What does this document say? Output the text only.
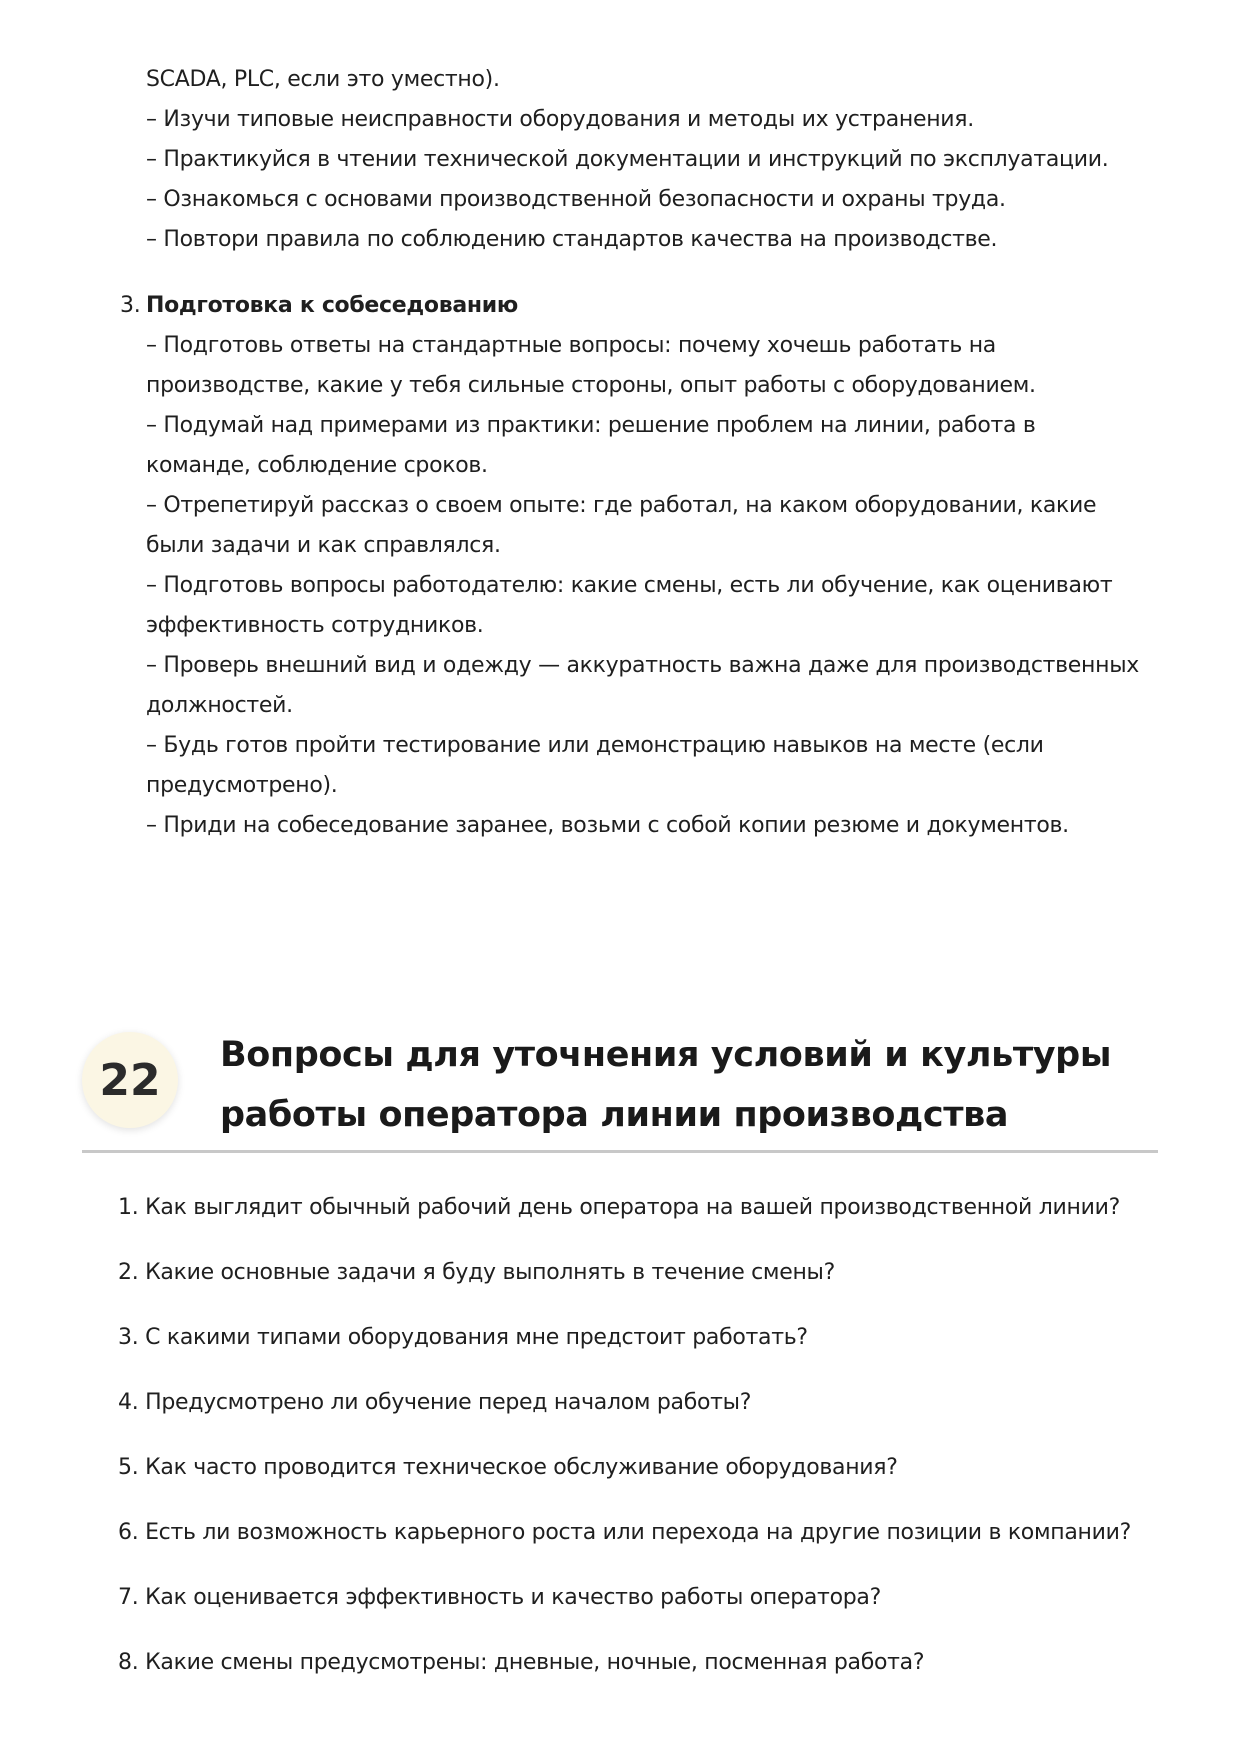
SCADA, PLC, если это уместно).
– Изучи типовые неисправности оборудования и методы их устранения.
– Практикуйся в чтении технической документации и инструкций по эксплуатации.
– Ознакомься с основами производственной безопасности и охраны труда.
– Повтори правила по соблюдению стандартов качества на производстве.
3. Подготовка к собеседованию
– Подготовь ответы на стандартные вопросы: почему хочешь работать на
производстве, какие у тебя сильные стороны, опыт работы с оборудованием.
– Подумай над примерами из практики: решение проблем на линии, работа в
команде, соблюдение сроков.
– Отрепетируй рассказ о своем опыте: где работал, на каком оборудовании, какие
были задачи и как справлялся.
– Подготовь вопросы работодателю: какие смены, есть ли обучение, как оценивают
эффективность сотрудников.
– Проверь внешний вид и одежду — аккуратность важна даже для производственных
должностей.
– Будь готов пройти тестирование или демонстрацию навыков на месте (если
предусмотрено).
– Приди на собеседование заранее, возьми с собой копии резюме и документов.
22	Вопросы для уточнения условий и культуры
работы оператора линии производства
1. Как выглядит обычный рабочий день оператора на вашей производственной линии?
2. Какие основные задачи я буду выполнять в течение смены?
3. С какими типами оборудования мне предстоит работать?
4. Предусмотрено ли обучение перед началом работы?
5. Как часто проводится техническое обслуживание оборудования?
6. Есть ли возможность карьерного роста или перехода на другие позиции в компании?
7. Как оценивается эффективность и качество работы оператора?
8. Какие смены предусмотрены: дневные, ночные, посменная работа?
